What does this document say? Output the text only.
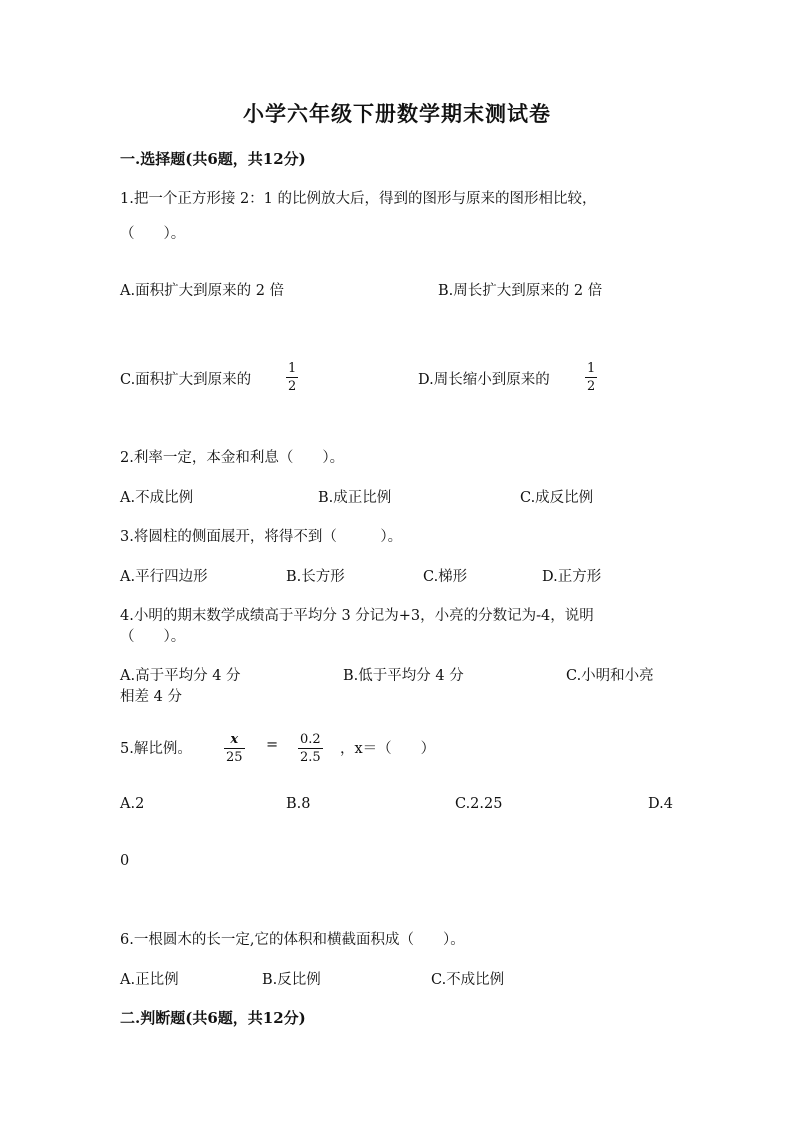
小学六年级下册数学期末测试卷
一.选择题(共6题，共12分)
1.把一个正方形接 2：1 的比例放大后，得到的图形与原来的图形相比较，
（　　）。
A.面积扩大到原来的 2 倍	B.周长扩大到原来的 2 倍
C.面积扩大到原来的
1
2	D.周长缩小到原来的
1
2
2.利率一定，本金和利息（　　）。
A.不成比例	B.成正比例	C.成反比例
3.将圆柱的侧面展开，将得不到（　　　）。
A.平行四边形	B.长方形	C.梯形	D.正方形
4.小明的期末数学成绩高于平均分 3 分记为+3，小亮的分数记为-4，说明
（　　）。
A.高于平均分 4 分	B.低于平均分 4 分	C.小明和小亮
相差 4 分
5.解比例。
x
25
= 0.2
2.5
，x＝（　　）
A.2	B.8	C.2.25	D.4
0
6.一根圆木的长一定,它的体积和横截面积成（　　）。
A.正比例	B.反比例	C.不成比例
二.判断题(共6题，共12分)
